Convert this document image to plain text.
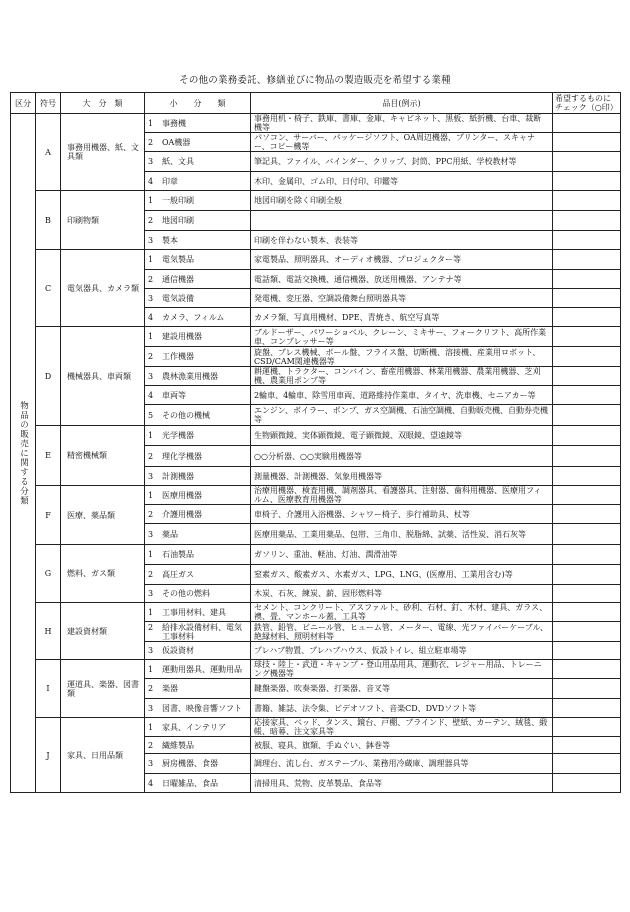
その他の業務委託、修繕並びに物品の製造販売を希望する業種
区分	符号	大　分　類	小　　分　　類	品目(例示)	希望するものにチェック（○印）
物品の販売に関する分類	A	事務用機器、紙、文具類	1 事務機	事務用机・椅子、鉄庫、書庫、金庫、キャビネット、黒板、紙折機、台車、裁断機等	

			2 OA機器	パソコン、サーバー、パッケージソフト、OA周辺機器、プリンター、スキャナー、コピー機等	

			3 紙、文具	筆記具、ファイル、バインダー、クリップ、封筒、PPC用紙、学校教材等	

			4 印章	木印、金属印、ゴム印、日付印、印鑑等	
	B	印刷物類	1 一般印刷	地図印刷を除く印刷全般	

			2 地図印刷		

			3 製本	印刷を伴わない製本、表装等	
	C	電気器具、カメラ類	1 電気製品	家電製品、照明器具、オーディオ機器、プロジェクター等	

			2 通信機器	電話類、電話交換機、通信機器、放送用機器、アンテナ等	

			3 電気設備	発電機、変圧器、空調設備舞台照明器具等	

			4 カメラ、フィルム	カメラ類、写真用機材、DPE、青焼き、航空写真等	
	D	機械器具、車両類	1 建設用機器	ブルドーザー、パワーショベル、クレーン、ミキサー、フォークリフト、高所作業車、コンプレッサー等	

			2 工作機器	旋盤、プレス機械、ボール盤、フライス盤、切断機、溶接機、産業用ロボット、CSD/CAM関連機器等	

			3 農林漁業用機器	耕運機、トラクター、コンバイン、畜産用機器、林業用機器、農業用機器、芝刈機、農業用ポンプ等	

			4 車両等	2輪車、4輪車、除雪用車両、道路維持作業車、タイヤ、洗車機、セニアカー等	

			5 その他の機械	エンジン、ボイラー、ポンプ、ガス空調機、石油空調機、自動販売機、自動券売機等	
	E	精密機械類	1 光学機器	生物顕微鏡、実体顕微鏡、電子顕微鏡、双眼鏡、望遠鏡等	

			2 理化学機器	○○分析器、○○実験用機器等	

			3 計測機器	測量機器、計測機器、気象用機器等	
	F	医療、薬品類	1 医療用機器	治療用機器、検査用機、調剤器具、看護器具、注射器、歯科用機器、医療用フィルム、医療教育用機器等	

			2 介護用機器	車椅子、介護用入浴機器、シャワー椅子、歩行補助具、杖等	

			3 薬品	医療用薬品、工業用薬品、包帯、三角巾、脱脂綿、試薬、活性炭、消石灰等	
	G	燃料、ガス類	1 石油製品	ガソリン、重油、軽油、灯油、潤滑油等	

			2 高圧ガス	窒素ガス、酸素ガス、水素ガス、LPG、LNG、(医療用、工業用含む)等	

			3 その他の燃料	木炭、石灰、練炭、薪、固形燃料等	
	H	建設資材類	1 工事用材料、建具	セメント、コンクリート、アスファルト、砂利、石材、釘、木材、建具、ガラス、襖、畳、マンホール蓋、工具等	

			2 給排水設備材料、電気工事材料	鉄管、鉛管、ビニール管、ヒューム管、メーター、電線、光ファイバーケーブル、絶縁材料、照明材料等	

			3 仮設資材	プレハブ物置、プレハブハウス、仮設トイレ、組立駐車場等	
	I	運道具、楽器、図書類	1 運動用器具、運動用品	球技・陸上・武道・キャンプ・登山用品用具、運動衣、レジャー用品、トレーニング機器等	

			2 楽器	鍵盤楽器、吹奏楽器、打楽器、音叉等	

			3 図書、映像音響ソフト	書籍、雑誌、法令集、ビデオソフト、音楽CD、DVDソフト等	
	J	家具、日用品類	1 家具、インテリア	応接家具、ベッド、タンス、鏡台、戸棚、ブラインド、壁紙、カーテン、絨毯、緞帳、暗幕、注文家具等	

			2 繊維製品	被服、寝具、旗類、手ぬぐい、鉢巻等	

			3 厨房機器、食器	調理台、流し台、ガステーブル、業務用冷蔵庫、調理器具等	

			4 日曜雑品、食品	清掃用具、荒物、皮革製品、食品等	
